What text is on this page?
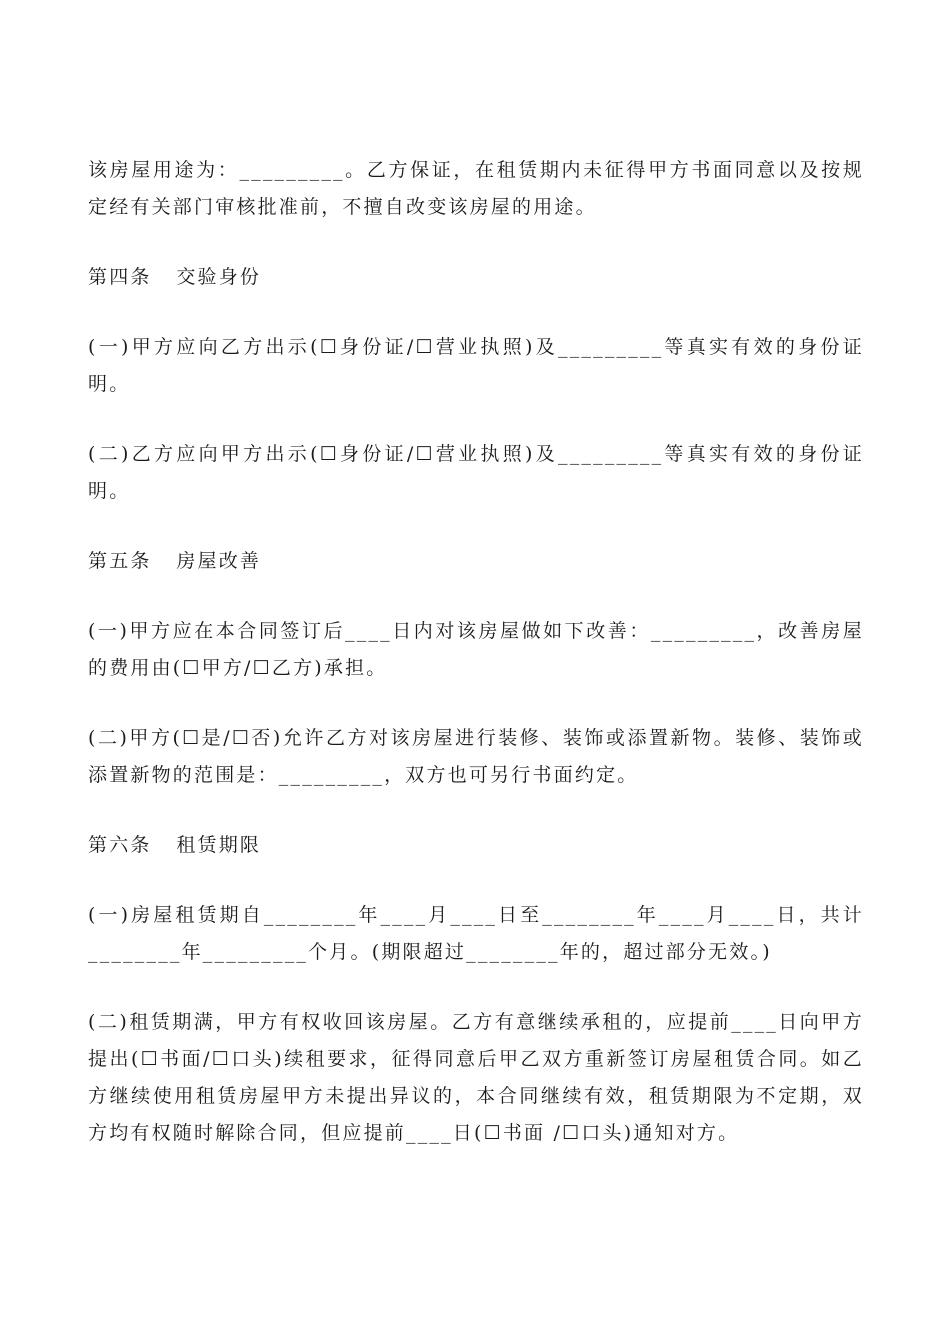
该房屋用途为：_________。乙方保证，在租赁期内未征得甲方书面同意以及按规定经有关部门审核批准前，不擅自改变该房屋的用途。

第四条   交验身份

(一)甲方应向乙方出示(☐身份证/☐营业执照)及_________等真实有效的身份证明。

(二)乙方应向甲方出示(☐身份证/☐营业执照)及_________等真实有效的身份证明。

第五条   房屋改善

(一)甲方应在本合同签订后____日内对该房屋做如下改善：_________，改善房屋的费用由(☐甲方/☐乙方)承担。

(二)甲方(☐是/☐否)允许乙方对该房屋进行装修、装饰或添置新物。装修、装饰或添置新物的范围是：_________，双方也可另行书面约定。

第六条   租赁期限

(一)房屋租赁期自________年____月____日至________年____月____日，共计________年_________个月。(期限超过________年的，超过部分无效。)

(二)租赁期满，甲方有权收回该房屋。乙方有意继续承租的，应提前____日向甲方提出(☐书面/☐口头)续租要求，征得同意后甲乙双方重新签订房屋租赁合同。如乙方继续使用租赁房屋甲方未提出异议的，本合同继续有效，租赁期限为不定期，双方均有权随时解除合同，但应提前____日(☐书面 /☐口头)通知对方。
